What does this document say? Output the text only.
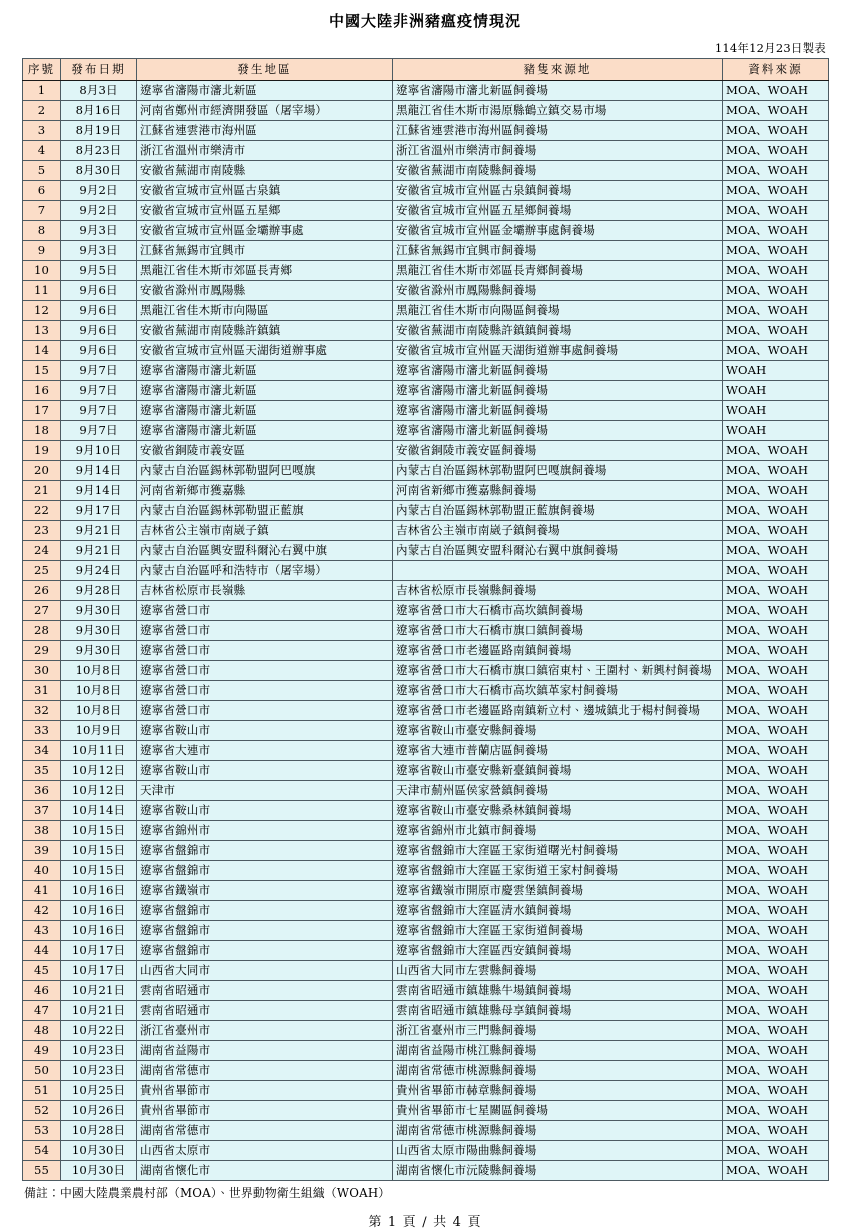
中國大陸非洲豬瘟疫情現況
114年12月23日製表
序號	發布日期	發生地區	豬隻來源地	資料來源
1	8月3日	遼寧省瀋陽市瀋北新區	遼寧省瀋陽市瀋北新區飼養場	MOA、WOAH
2	8月16日	河南省鄭州市經濟開發區（屠宰場）	黑龍江省佳木斯市湯原縣鶴立鎮交易市場	MOA、WOAH
3	8月19日	江蘇省連雲港市海州區	江蘇省連雲港市海州區飼養場	MOA、WOAH
4	8月23日	浙江省溫州市樂清市	浙江省溫州市樂清市飼養場	MOA、WOAH
5	8月30日	安徽省蕪湖市南陵縣	安徽省蕪湖市南陵縣飼養場	MOA、WOAH
6	9月2日	安徽省宣城市宣州區古泉鎮	安徽省宣城市宣州區古泉鎮飼養場	MOA、WOAH
7	9月2日	安徽省宣城市宣州區五星鄉	安徽省宣城市宣州區五星鄉飼養場	MOA、WOAH
8	9月3日	安徽省宣城市宣州區金壩辦事處	安徽省宣城市宣州區金壩辦事處飼養場	MOA、WOAH
9	9月3日	江蘇省無錫市宜興市	江蘇省無錫市宜興市飼養場	MOA、WOAH
10	9月5日	黑龍江省佳木斯市郊區長青鄉	黑龍江省佳木斯市郊區長青鄉飼養場	MOA、WOAH
11	9月6日	安徽省滁州市鳳陽縣	安徽省滁州市鳳陽縣飼養場	MOA、WOAH
12	9月6日	黑龍江省佳木斯市向陽區	黑龍江省佳木斯市向陽區飼養場	MOA、WOAH
13	9月6日	安徽省蕪湖市南陵縣許鎮鎮	安徽省蕪湖市南陵縣許鎮鎮飼養場	MOA、WOAH
14	9月6日	安徽省宣城市宣州區天湖街道辦事處	安徽省宣城市宣州區天湖街道辦事處飼養場	MOA、WOAH
15	9月7日	遼寧省瀋陽市瀋北新區	遼寧省瀋陽市瀋北新區飼養場	WOAH
16	9月7日	遼寧省瀋陽市瀋北新區	遼寧省瀋陽市瀋北新區飼養場	WOAH
17	9月7日	遼寧省瀋陽市瀋北新區	遼寧省瀋陽市瀋北新區飼養場	WOAH
18	9月7日	遼寧省瀋陽市瀋北新區	遼寧省瀋陽市瀋北新區飼養場	WOAH
19	9月10日	安徽省銅陵市義安區	安徽省銅陵市義安區飼養場	MOA、WOAH
20	9月14日	內蒙古自治區錫林郭勒盟阿巴嘎旗	內蒙古自治區錫林郭勒盟阿巴嘎旗飼養場	MOA、WOAH
21	9月14日	河南省新鄉市獲嘉縣	河南省新鄉市獲嘉縣飼養場	MOA、WOAH
22	9月17日	內蒙古自治區錫林郭勒盟正藍旗	內蒙古自治區錫林郭勒盟正藍旗飼養場	MOA、WOAH
23	9月21日	吉林省公主嶺市南崴子鎮	吉林省公主嶺市南崴子鎮飼養場	MOA、WOAH
24	9月21日	內蒙古自治區興安盟科爾沁右翼中旗	內蒙古自治區興安盟科爾沁右翼中旗飼養場	MOA、WOAH
25	9月24日	內蒙古自治區呼和浩特市（屠宰場）		MOA、WOAH
26	9月28日	吉林省松原市長嶺縣	吉林省松原市長嶺縣飼養場	MOA、WOAH
27	9月30日	遼寧省營口市	遼寧省營口市大石橋市高坎鎮飼養場	MOA、WOAH
28	9月30日	遼寧省營口市	遼寧省營口市大石橋市旗口鎮飼養場	MOA、WOAH
29	9月30日	遼寧省營口市	遼寧省營口市老邊區路南鎮飼養場	MOA、WOAH
30	10月8日	遼寧省營口市	遼寧省營口市大石橋市旗口鎮宿東村、王圍村、新興村飼養場	MOA、WOAH
31	10月8日	遼寧省營口市	遼寧省營口市大石橋市高坎鎮革家村飼養場	MOA、WOAH
32	10月8日	遼寧省營口市	遼寧省營口市老邊區路南鎮新立村、邊城鎮北于楊村飼養場	MOA、WOAH
33	10月9日	遼寧省鞍山市	遼寧省鞍山市臺安縣飼養場	MOA、WOAH
34	10月11日	遼寧省大連市	遼寧省大連市普蘭店區飼養場	MOA、WOAH
35	10月12日	遼寧省鞍山市	遼寧省鞍山市臺安縣新臺鎮飼養場	MOA、WOAH
36	10月12日	天津市	天津市薊州區侯家營鎮飼養場	MOA、WOAH
37	10月14日	遼寧省鞍山市	遼寧省鞍山市臺安縣桑林鎮飼養場	MOA、WOAH
38	10月15日	遼寧省錦州市	遼寧省錦州市北鎮市飼養場	MOA、WOAH
39	10月15日	遼寧省盤錦市	遼寧省盤錦市大窪區王家街道曙光村飼養場	MOA、WOAH
40	10月15日	遼寧省盤錦市	遼寧省盤錦市大窪區王家街道王家村飼養場	MOA、WOAH
41	10月16日	遼寧省鐵嶺市	遼寧省鐵嶺市開原市慶雲堡鎮飼養場	MOA、WOAH
42	10月16日	遼寧省盤錦市	遼寧省盤錦市大窪區清水鎮飼養場	MOA、WOAH
43	10月16日	遼寧省盤錦市	遼寧省盤錦市大窪區王家街道飼養場	MOA、WOAH
44	10月17日	遼寧省盤錦市	遼寧省盤錦市大窪區西安鎮飼養場	MOA、WOAH
45	10月17日	山西省大同市	山西省大同市左雲縣飼養場	MOA、WOAH
46	10月21日	雲南省昭通市	雲南省昭通市鎮雄縣牛場鎮飼養場	MOA、WOAH
47	10月21日	雲南省昭通市	雲南省昭通市鎮雄縣母享鎮飼養場	MOA、WOAH
48	10月22日	浙江省臺州市	浙江省臺州市三門縣飼養場	MOA、WOAH
49	10月23日	湖南省益陽市	湖南省益陽市桃江縣飼養場	MOA、WOAH
50	10月23日	湖南省常德市	湖南省常德市桃源縣飼養場	MOA、WOAH
51	10月25日	貴州省畢節市	貴州省畢節市赫章縣飼養場	MOA、WOAH
52	10月26日	貴州省畢節市	貴州省畢節市七星關區飼養場	MOA、WOAH
53	10月28日	湖南省常德市	湖南省常德市桃源縣飼養場	MOA、WOAH
54	10月30日	山西省太原市	山西省太原市陽曲縣飼養場	MOA、WOAH
55	10月30日	湖南省懷化市	湖南省懷化市沅陵縣飼養場	MOA、WOAH
備註：中國大陸農業農村部（MOA）、世界動物衛生組織（WOAH）
第 1 頁 / 共 4 頁
